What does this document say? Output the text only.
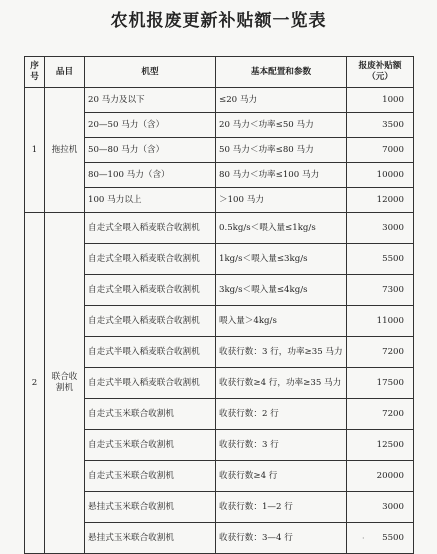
农机报废更新补贴额一览表
序号	品目	机型	基本配置和参数	报废补贴额（元）
1	拖拉机	20 马力及以下	≤20 马力	1000
		20—50 马力（含）	20 马力＜功率≤50 马力	3500
		50—80 马力（含）	50 马力＜功率≤80 马力	7000
		80—100 马力（含）	80 马力＜功率≤100 马力	10000
		100 马力以上	＞100 马力	12000
2	联合收割机	自走式全喂入稻麦联合收割机	0.5kg/s＜喂入量≤1kg/s	3000
		自走式全喂入稻麦联合收割机	1kg/s＜喂入量≤3kg/s	5500
		自走式全喂入稻麦联合收割机	3kg/s＜喂入量≤4kg/s	7300
		自走式全喂入稻麦联合收割机	喂入量＞4kg/s	11000
		自走式半喂入稻麦联合收割机	收获行数：3 行，功率≥35 马力	7200
		自走式半喂入稻麦联合收割机	收获行数≥4 行，功率≥35 马力	17500
		自走式玉米联合收割机	收获行数：2 行	7200
		自走式玉米联合收割机	收获行数：3 行	12500
		自走式玉米联合收割机	收获行数≥4 行	20000
		悬挂式玉米联合收割机	收获行数：1—2 行	3000
		悬挂式玉米联合收割机	收获行数：3—4 行	5500
·
